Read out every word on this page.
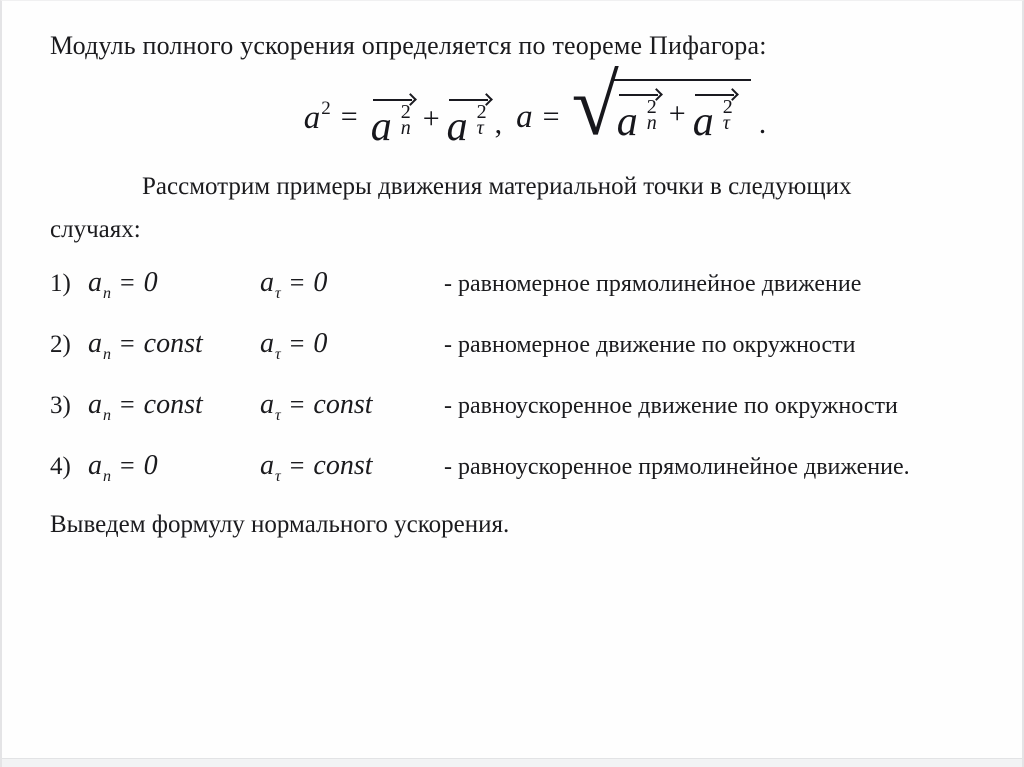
Модуль полного ускорения определяется по теореме Пифагора:
$a^2 = a$ 2
n + a 2
τ , a = √
a 2
n + a 2
τ .
Рассмотрим примеры движения материальной точки в следующих
случаях:
1) $a_n = 0$	$a_\tau = 0$	- равномерное прямолинейное движение
2) $a_n$ = const	$a_\tau = 0$	- равномерное движение по окружности
3) $a_n$ = const	$a_\tau$ = const	- равноускоренное движение по окружности
4) $a_n = 0$	$a_\tau$ = const	- равноускоренное прямолинейное движение.
Выведем формулу нормального ускорения.
